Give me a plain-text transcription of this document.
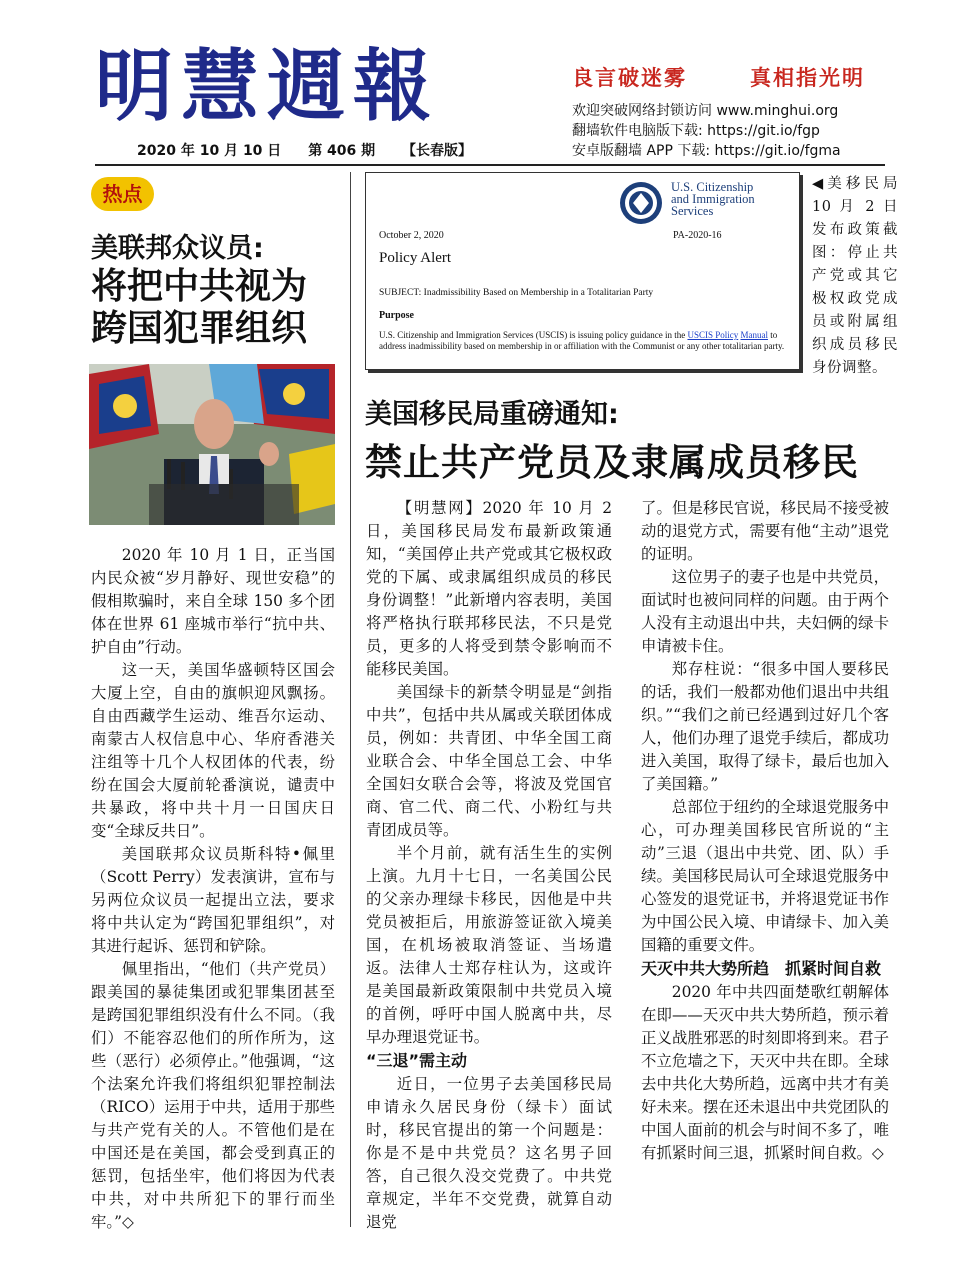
明慧週報	良言破迷雾	真相指光明
欢迎突破网络封锁访问 www.minghui.org
翻墙软件电脑版下载: https://git.io/fgp
安卓版翻墙 APP 下载: https://git.io/fgma
2020 年 10 月 10 日 第 406 期 【长春版】
热点
美联邦众议员:
将把中共视为
跨国犯罪组织

2020 年 10 月 1 日，正当国内民众被“岁月静好、现世安稳”的假相欺骗时，来自全球 150 多个团体在世界 61 座城市举行“抗中共、护自由”行动。

这一天，美国华盛顿特区国会大厦上空，自由的旗帜迎风飘扬。自由西藏学生运动、维吾尔运动、南蒙古人权信息中心、华府香港关注组等十几个人权团体的代表，纷纷在国会大厦前轮番演说，谴责中共暴政，将中共十月一日国庆日变“全球反共日”。

美国联邦众议员斯科特•佩里（Scott Perry）发表演讲，宣布与另两位众议员一起提出立法，要求将中共认定为“跨国犯罪组织”，对其进行起诉、惩罚和铲除。

佩里指出，“他们（共产党员）跟美国的暴徒集团或犯罪集团甚至是跨国犯罪组织没有什么不同。（我们）不能容忍他们的所作所为，这些（恶行）必须停止。”他强调，“这个法案允许我们将组织犯罪控制法（RICO）运用于中共，适用于那些与共产党有关的人。不管他们是在中国还是在美国，都会受到真正的惩罚，包括坐牢，他们将因为代表中共，对中共所犯下的罪行而坐牢。”◇

U.S. Citizenship
and Immigration
Services
October 2, 2020	PA-2020-16
Policy Alert
SUBJECT: Inadmissibility Based on Membership in a Totalitarian Party
Purpose
U.S. Citizenship and Immigration Services (USCIS) is issuing policy guidance in the USCIS Policy Manual to address inadmissibility based on membership in or affiliation with the Communist or any other totalitarian party.
◀美移民局10 月 2 日发布政策截图：停止共产党或其它极权政党成员或附属组织成员移民身份调整。
美国移民局重磅通知:
禁止共产党员及隶属成员移民

【明慧网】2020 年 10 月 2 日，美国移民局发布最新政策通知，“美国停止共产党或其它极权政党的下属、或隶属组织成员的移民身份调整！”此新增内容表明，美国将严格执行联邦移民法，不只是党员，更多的人将受到禁令影响而不能移民美国。

美国绿卡的新禁令明显是“剑指中共”，包括中共从属或关联团体成员，例如：共青团、中华全国工商业联合会、中华全国总工会、中华全国妇女联合会等，将波及党国官商、官二代、商二代、小粉红与共青团成员等。

半个月前，就有活生生的实例上演。九月十七日，一名美国公民的父亲办理绿卡移民，因他是中共党员被拒后，用旅游签证欲入境美国，在机场被取消签证、当场遣返。法律人士郑存柱认为，这或许是美国最新政策限制中共党员入境的首例，呼吁中国人脱离中共，尽早办理退党证书。

“三退”需主动

近日，一位男子去美国移民局申请永久居民身份（绿卡）面试时，移民官提出的第一个问题是：你是不是中共党员？这名男子回答，自己很久没交党费了。中共党章规定，半年不交党费，就算自动退党

了。但是移民官说，移民局不接受被动的退党方式，需要有他“主动”退党的证明。

这位男子的妻子也是中共党员，面试时也被问同样的问题。由于两个人没有主动退出中共，夫妇俩的绿卡申请被卡住。

郑存柱说：“很多中国人要移民的话，我们一般都劝他们退出中共组织。”“我们之前已经遇到过好几个客人，他们办理了退党手续后，都成功进入美国，取得了绿卡，最后也加入了美国籍。”

总部位于纽约的全球退党服务中心，可办理美国移民官所说的“主动”三退（退出中共党、团、队）手续。美国移民局认可全球退党服务中心签发的退党证书，并将退党证书作为中国公民入境、申请绿卡、加入美国籍的重要文件。

天灭中共大势所趋　抓紧时间自救

2020 年中共四面楚歌红朝解体在即——天灭中共大势所趋，预示着正义战胜邪恶的时刻即将到来。君子不立危墙之下，天灭中共在即。全球去中共化大势所趋，远离中共才有美好未来。摆在还未退出中共党团队的中国人面前的机会与时间不多了，唯有抓紧时间三退，抓紧时间自救。◇
